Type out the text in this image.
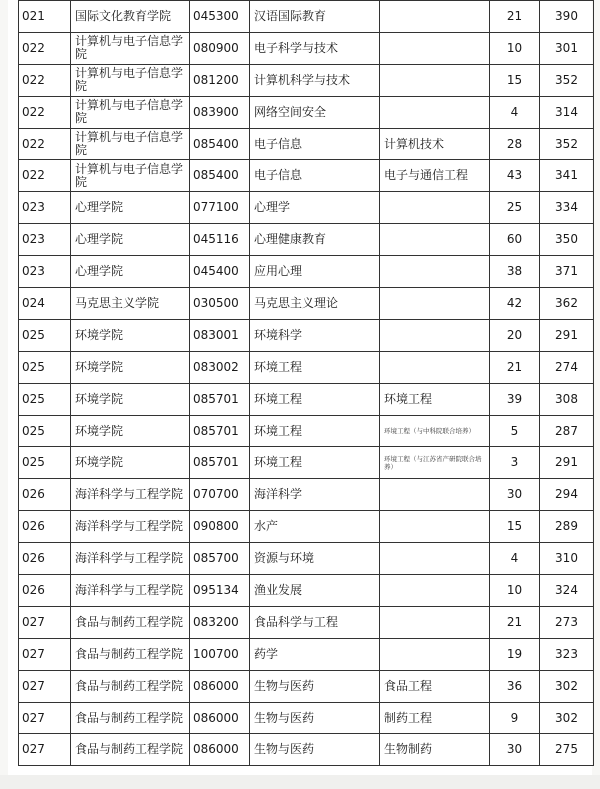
021	国际文化教育学院	045300	汉语国际教育		21	390
022	计算机与电子信息学院	080900	电子科学与技术		10	301
022	计算机与电子信息学院	081200	计算机科学与技术		15	352
022	计算机与电子信息学院	083900	网络空间安全		4	314
022	计算机与电子信息学院	085400	电子信息	计算机技术	28	352
022	计算机与电子信息学院	085400	电子信息	电子与通信工程	43	341
023	心理学院	077100	心理学		25	334
023	心理学院	045116	心理健康教育		60	350
023	心理学院	045400	应用心理		38	371
024	马克思主义学院	030500	马克思主义理论		42	362
025	环境学院	083001	环境科学		20	291
025	环境学院	083002	环境工程		21	274
025	环境学院	085701	环境工程	环境工程	39	308
025	环境学院	085701	环境工程	环境工程（与中科院联合培养）	5	287
025	环境学院	085701	环境工程	环境工程（与江苏省产研院联合培养）	3	291
026	海洋科学与工程学院	070700	海洋科学		30	294
026	海洋科学与工程学院	090800	水产		15	289
026	海洋科学与工程学院	085700	资源与环境		4	310
026	海洋科学与工程学院	095134	渔业发展		10	324
027	食品与制药工程学院	083200	食品科学与工程		21	273
027	食品与制药工程学院	100700	药学		19	323
027	食品与制药工程学院	086000	生物与医药	食品工程	36	302
027	食品与制药工程学院	086000	生物与医药	制药工程	9	302
027	食品与制药工程学院	086000	生物与医药	生物制药	30	275
